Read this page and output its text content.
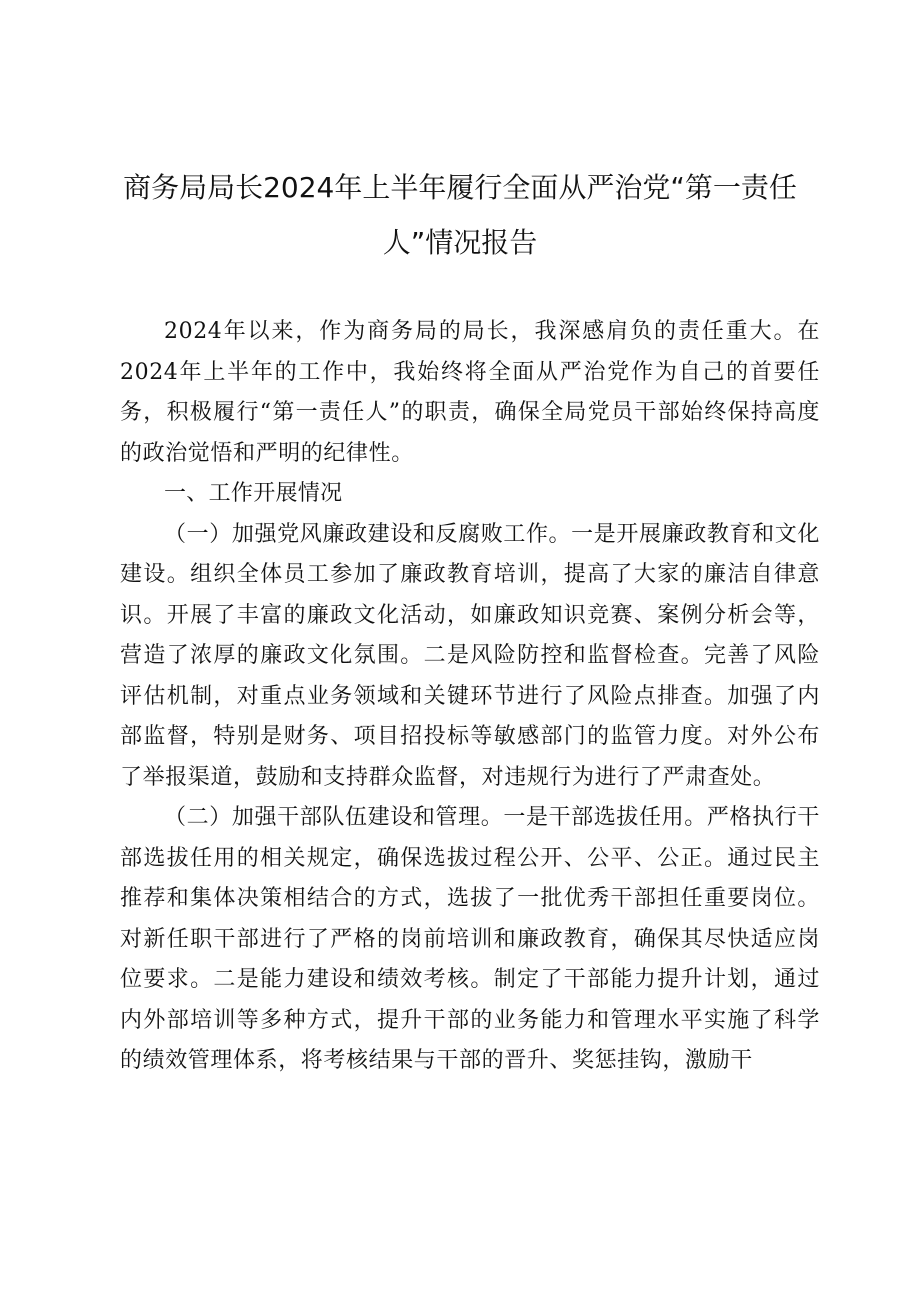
商务局局长2024年上半年履行全面从严治党“第一责任
人”情况报告

2024年以来，作为商务局的局长，我深感肩负的责任重大。在2024年上半年的工作中，我始终将全面从严治党作为自己的首要任务，积极履行“第一责任人”的职责，确保全局党员干部始终保持高度的政治觉悟和严明的纪律性。

一、工作开展情况

（一）加强党风廉政建设和反腐败工作。一是开展廉政教育和文化建设。组织全体员工参加了廉政教育培训，提高了大家的廉洁自律意识。开展了丰富的廉政文化活动，如廉政知识竞赛、案例分析会等，营造了浓厚的廉政文化氛围。二是风险防控和监督检查。完善了风险评估机制，对重点业务领域和关键环节进行了风险点排查。加强了内部监督，特别是财务、项目招投标等敏感部门的监管力度。对外公布了举报渠道，鼓励和支持群众监督，对违规行为进行了严肃查处。

（二）加强干部队伍建设和管理。一是干部选拔任用。严格执行干部选拔任用的相关规定，确保选拔过程公开、公平、公正。通过民主推荐和集体决策相结合的方式，选拔了一批优秀干部担任重要岗位。对新任职干部进行了严格的岗前培训和廉政教育，确保其尽快适应岗位要求。二是能力建设和绩效考核。制定了干部能力提升计划，通过内外部培训等多种方式，提升干部的业务能力和管理水平实施了科学的绩效管理体系，将考核结果与干部的晋升、奖惩挂钩，激励干
